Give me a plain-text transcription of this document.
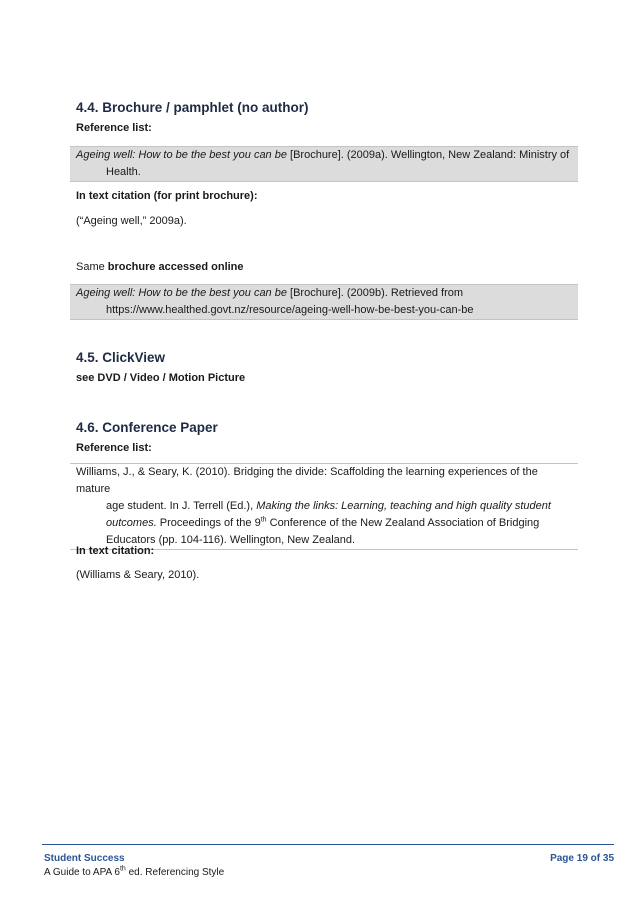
4.4. Brochure / pamphlet (no author)
Reference list:
Ageing well: How to be the best you can be [Brochure]. (2009a). Wellington, New Zealand: Ministry of
Health.
In text citation (for print brochure):
(“Ageing well,” 2009a).
Same brochure accessed online
Ageing well: How to be the best you can be [Brochure]. (2009b). Retrieved from
https://www.healthed.govt.nz/resource/ageing-well-how-be-best-you-can-be
4.5. ClickView
see DVD / Video / Motion Picture
4.6. Conference Paper
Reference list:
Williams, J., & Seary, K. (2010). Bridging the divide: Scaffolding the learning experiences of the mature
age student. In J. Terrell (Ed.), Making the links: Learning, teaching and high quality student
outcomes. Proceedings of the 9th Conference of the New Zealand Association of Bridging
Educators (pp. 104-116). Wellington, New Zealand.
In text citation:
(Williams & Seary, 2010).
Student Success	Page 19 of 35
A Guide to APA 6th ed. Referencing Style
